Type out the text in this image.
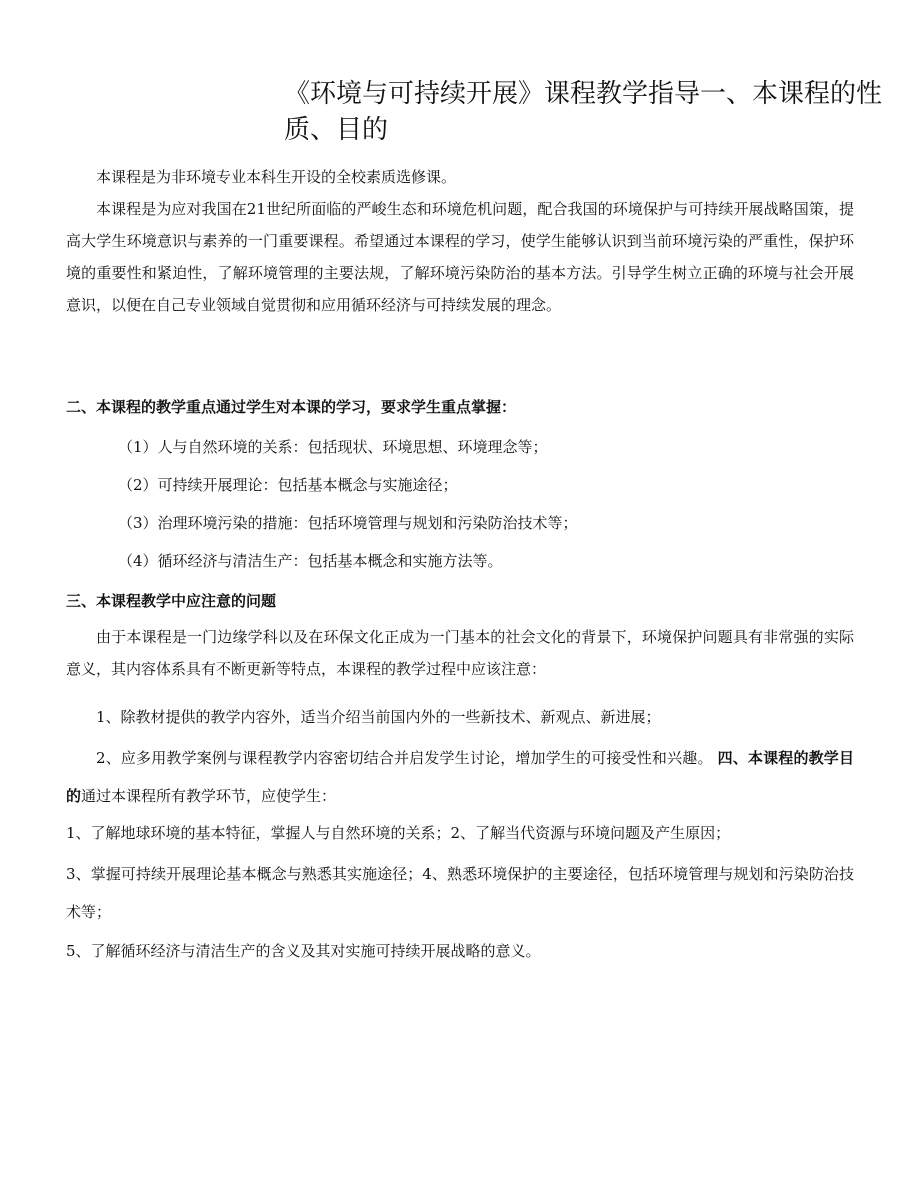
《环境与可持续开展》课程教学指导一、本课程的性质、目的
本课程是为非环境专业本科生开设的全校素质选修课。
本课程是为应对我国在21世纪所面临的严峻生态和环境危机问题，配合我国的环境保护与可持续开展战略国策，提高大学生环境意识与素养的一门重要课程。希望通过本课程的学习，使学生能够认识到当前环境污染的严重性，保护环境的重要性和紧迫性，了解环境管理的主要法规，了解环境污染防治的基本方法。引导学生树立正确的环境与社会开展意识，以便在自己专业领域自觉贯彻和应用循环经济与可持续发展的理念。
二、本课程的教学重点通过学生对本课的学习，要求学生重点掌握：
（1）人与自然环境的关系：包括现状、环境思想、环境理念等；
（2）可持续开展理论：包括基本概念与实施途径；
（3）治理环境污染的措施：包括环境管理与规划和污染防治技术等；
（4）循环经济与清洁生产：包括基本概念和实施方法等。
三、本课程教学中应注意的问题
由于本课程是一门边缘学科以及在环保文化正成为一门基本的社会文化的背景下，环境保护问题具有非常强的实际意义，其内容体系具有不断更新等特点，本课程的教学过程中应该注意：
1、除教材提供的教学内容外，适当介绍当前国内外的一些新技术、新观点、新进展；
2、应多用教学案例与课程教学内容密切结合并启发学生讨论，增加学生的可接受性和兴趣。 四、本课程的教学目的通过本课程所有教学环节，应使学生：
1、了解地球环境的基本特征，掌握人与自然环境的关系；2、了解当代资源与环境问题及产生原因；
3、掌握可持续开展理论基本概念与熟悉其实施途径；4、熟悉环境保护的主要途径，包括环境管理与规划和污染防治技术等；
5、了解循环经济与清洁生产的含义及其对实施可持续开展战略的意义。
